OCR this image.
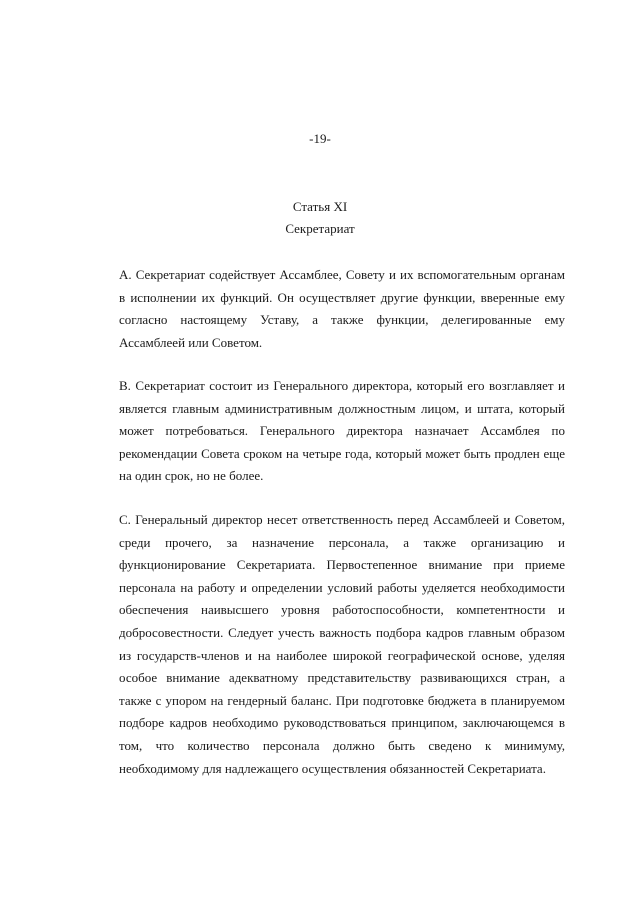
-19-
Статья XI
Секретариат

A. Секретариат содействует Ассамблее, Совету и их вспомогательным органам в исполнении их функций. Он осуществляет другие функции, вверенные ему согласно настоящему Уставу, а также функции, делегированные ему Ассамблеей или Советом.

B. Секретариат состоит из Генерального директора, который его возглавляет и является главным административным должностным лицом, и штата, который может потребоваться. Генерального директора назначает Ассамблея по рекомендации Совета сроком на четыре года, который может быть продлен еще на один срок, но не более.

C. Генеральный директор несет ответственность перед Ассамблеей и Советом, среди прочего, за назначение персонала, а также организацию и функционирование Секретариата. Первостепенное внимание при приеме персонала на работу и определении условий работы уделяется необходимости обеспечения наивысшего уровня работоспособности, компетентности и добросовестности. Следует учесть важность подбора кадров главным образом из государств-членов и на наиболее широкой географической основе, уделяя особое внимание адекватному представительству развивающихся стран, а также с упором на гендерный баланс. При подготовке бюджета в планируемом подборе кадров необходимо руководствоваться принципом, заключающемся в том, что количество персонала должно быть сведено к минимуму, необходимому для надлежащего осуществления обязанностей Секретариата.
